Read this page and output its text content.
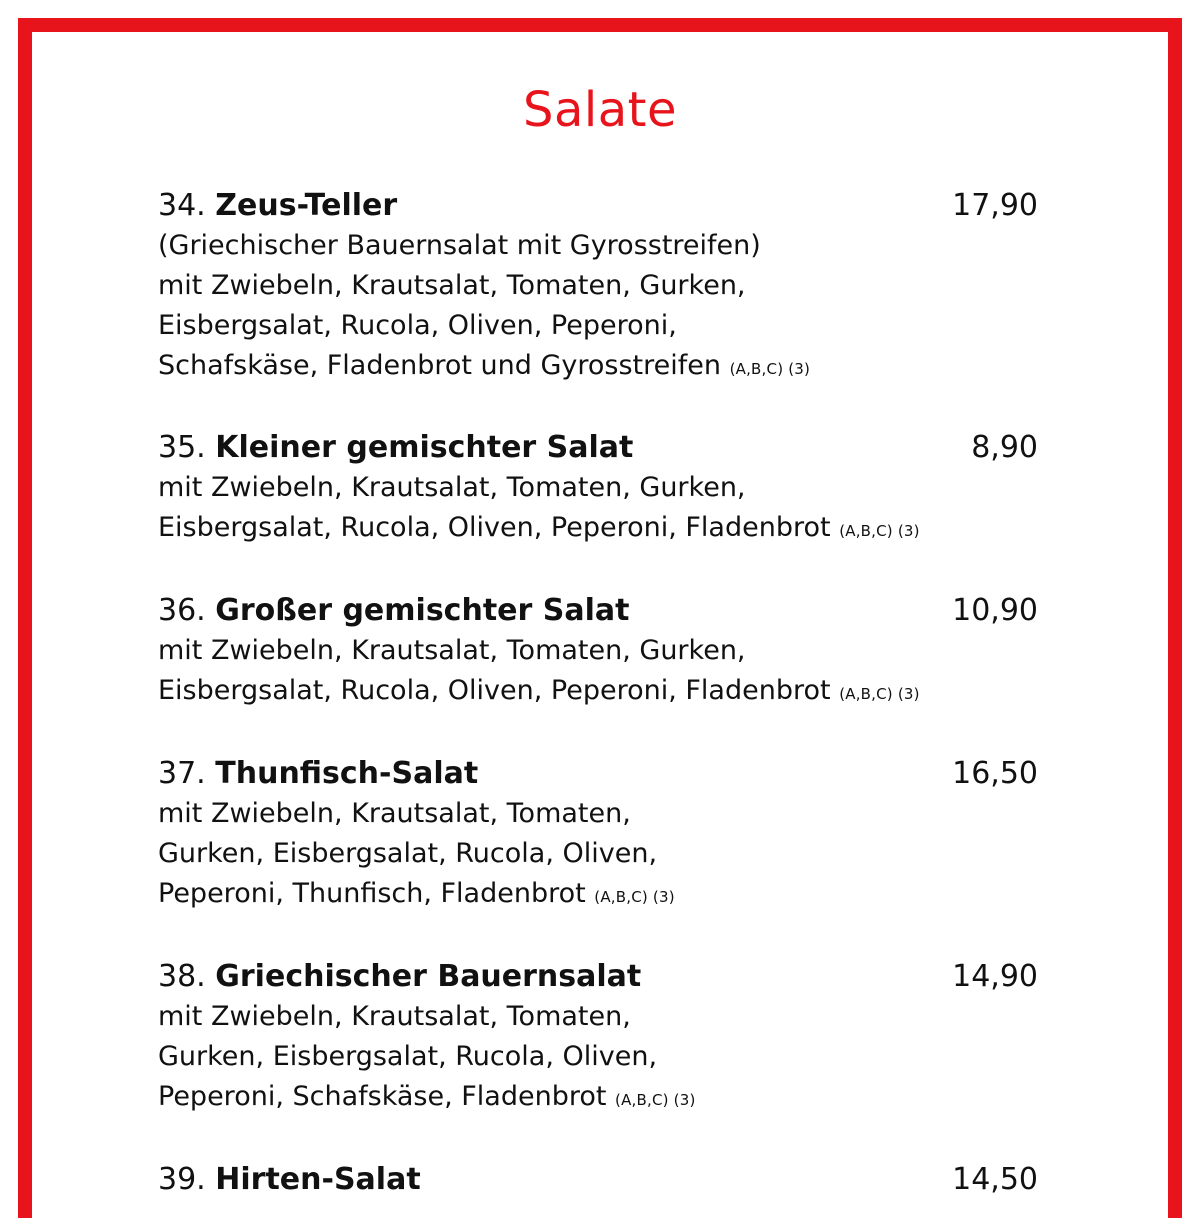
Salate
34. Zeus-Teller	17,90

(Griechischer Bauernsalat mit Gyrosstreifen)
mit Zwiebeln, Krautsalat, Tomaten, Gurken,
Eisbergsalat, Rucola, Oliven, Peperoni,
Schafskäse, Fladenbrot und Gyrosstreifen (A,B,C) (3)

35. Kleiner gemischter Salat	8,90

mit Zwiebeln, Krautsalat, Tomaten, Gurken,
Eisbergsalat, Rucola, Oliven, Peperoni, Fladenbrot (A,B,C) (3)

36. Großer gemischter Salat	10,90

mit Zwiebeln, Krautsalat, Tomaten, Gurken,
Eisbergsalat, Rucola, Oliven, Peperoni, Fladenbrot (A,B,C) (3)

37. Thunfisch-Salat	16,50

mit Zwiebeln, Krautsalat, Tomaten,
Gurken, Eisbergsalat, Rucola, Oliven,
Peperoni, Thunfisch, Fladenbrot (A,B,C) (3)

38. Griechischer Bauernsalat	14,90

mit Zwiebeln, Krautsalat, Tomaten,
Gurken, Eisbergsalat, Rucola, Oliven,
Peperoni, Schafskäse, Fladenbrot (A,B,C) (3)

39. Hirten-Salat	14,50
